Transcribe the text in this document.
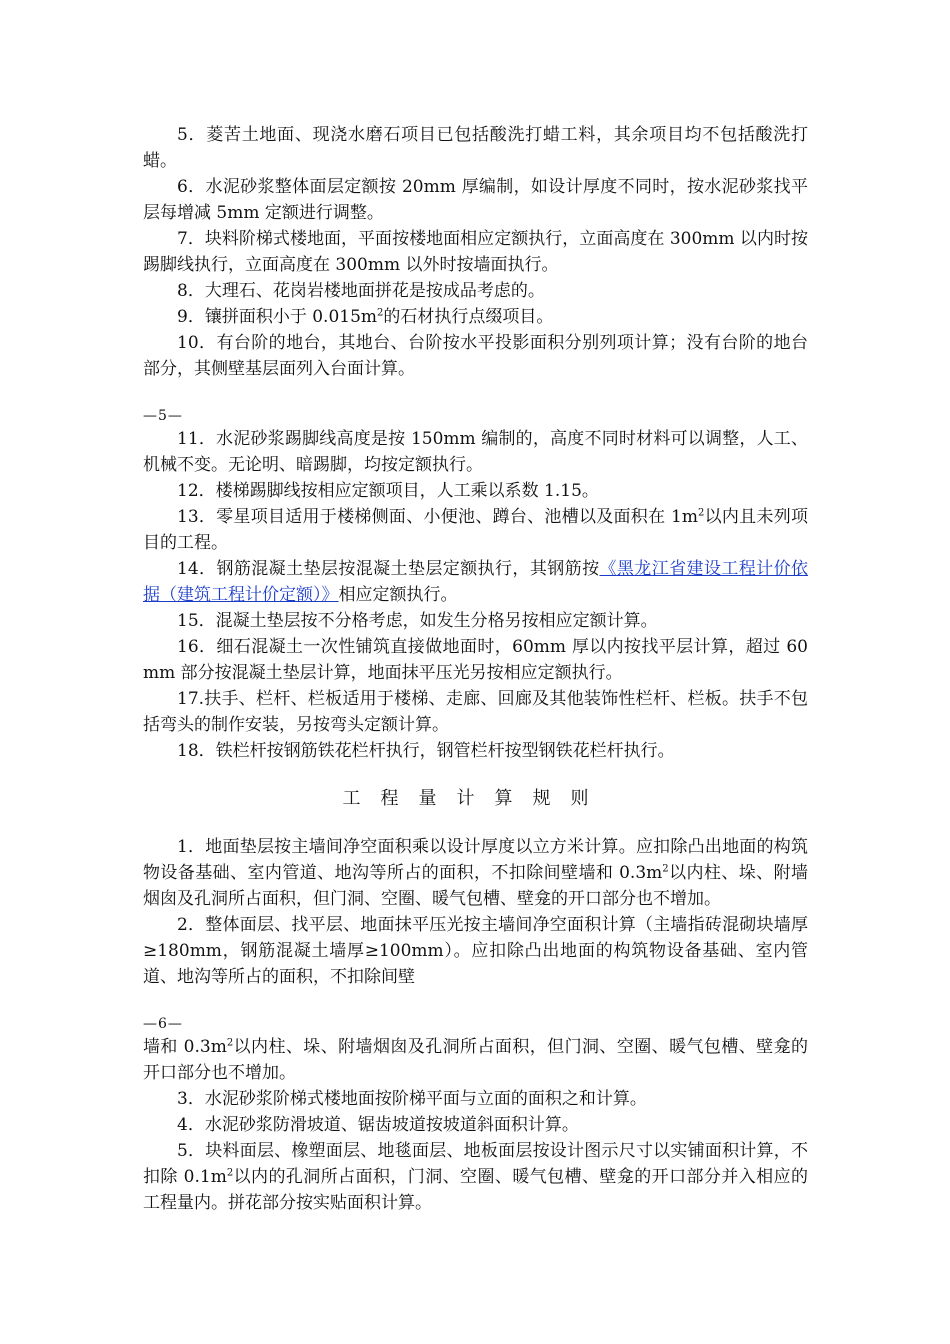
5．菱苦土地面、现浇水磨石项目已包括酸洗打蜡工料，其余项目均不包括酸洗打蜡。

6．水泥砂浆整体面层定额按 20mm 厚编制，如设计厚度不同时，按水泥砂浆找平层每增减 5mm 定额进行调整。

7．块料阶梯式楼地面，平面按楼地面相应定额执行，立面高度在 300mm 以内时按踢脚线执行，立面高度在 300mm 以外时按墙面执行。

8．大理石、花岗岩楼地面拼花是按成品考虑的。

9．镶拼面积小于 $0.015m^2$的石材执行点缀项目。

10．有台阶的地台，其地台、台阶按水平投影面积分别列项计算；没有台阶的地台部分，其侧壁基层面列入台面计算。

—5—

11．水泥砂浆踢脚线高度是按 150mm 编制的，高度不同时材料可以调整，人工、机械不变。无论明、暗踢脚，均按定额执行。

12．楼梯踢脚线按相应定额项目，人工乘以系数 1.15。

13．零星项目适用于楼梯侧面、小便池、蹲台、池槽以及面积在 $1m^2$以内且未列项目的工程。

14．钢筋混凝土垫层按混凝土垫层定额执行，其钢筋按《黑龙江省建设工程计价依据（建筑工程计价定额）》相应定额执行。

15．混凝土垫层按不分格考虑，如发生分格另按相应定额计算。

16．细石混凝土一次性铺筑直接做地面时，60mm 厚以内按找平层计算，超过 60mm 部分按混凝土垫层计算，地面抹平压光另按相应定额执行。

17.扶手、栏杆、栏板适用于楼梯、走廊、回廊及其他装饰性栏杆、栏板。扶手不包括弯头的制作安装，另按弯头定额计算。

18．铁栏杆按钢筋铁花栏杆执行，钢管栏杆按型钢铁花栏杆执行。

工程量计算规则

1．地面垫层按主墙间净空面积乘以设计厚度以立方米计算。应扣除凸出地面的构筑物设备基础、室内管道、地沟等所占的面积，不扣除间壁墙和 $0.3m^2$以内柱、垛、附墙烟囱及孔洞所占面积，但门洞、空圈、暖气包槽、壁龛的开口部分也不增加。

2．整体面层、找平层、地面抹平压光按主墙间净空面积计算（主墙指砖混砌块墙厚≥180mm，钢筋混凝土墙厚≥100mm）。应扣除凸出地面的构筑物设备基础、室内管道、地沟等所占的面积，不扣除间壁

—6—

墙和 $0.3m^2$以内柱、垛、附墙烟囱及孔洞所占面积，但门洞、空圈、暖气包槽、壁龛的开口部分也不增加。

3．水泥砂浆阶梯式楼地面按阶梯平面与立面的面积之和计算。

4．水泥砂浆防滑坡道、锯齿坡道按坡道斜面积计算。

5．块料面层、橡塑面层、地毯面层、地板面层按设计图示尺寸以实铺面积计算，不扣除 $0.1m^2$以内的孔洞所占面积，门洞、空圈、暖气包槽、壁龛的开口部分并入相应的工程量内。拼花部分按实贴面积计算。
